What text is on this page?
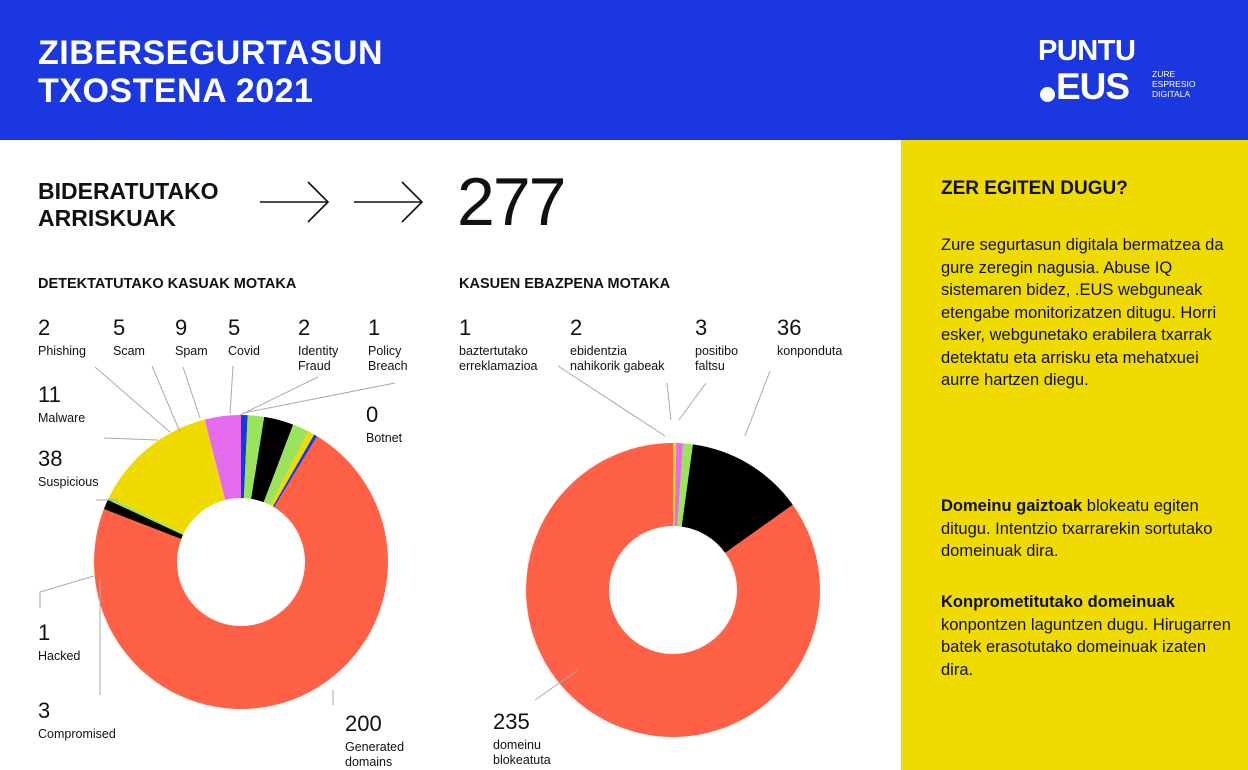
ZIBERSEGURTASUN
TXOSTENA 2021
PUNTU
EUS	ZURE
ESPRESIO
DIGITALA
BIDERATUTAKO
ARRISKUAK	277
DETEKTATUTAKO KASUAK MOTAKA	KASUEN EBAZPENA MOTAKA
2
Phishing
5
Scam
9
Spam
5
Covid
2
Identity
Fraud
1
Policy
Breach
11
Malware	0
Botnet
38
Suspicious
1
Hacked
3
Compromised	200
Generated
domains
1
baztertutako
erreklamazioa
2
ebidentzia
nahikorik gabeak
3
positibo
faltsu
36
konponduta
235
domeinu
blokeatuta
ZER EGITEN DUGU?
Zure segurtasun digitala bermatzea da gure zeregin nagusia. Abuse IQ sistemaren bidez, .EUS webguneak etengabe monitorizatzen ditugu. Horri esker, webgunetako erabilera txarrak detektatu eta arrisku eta mehatxuei aurre hartzen diegu.
Domeinu gaiztoak blokeatu egiten ditugu. Intentzio txarrarekin sortutako domeinuak dira.
Konprometitutako domeinuak konpontzen laguntzen dugu. Hirugarren batek erasotutako domeinuak izaten dira.
